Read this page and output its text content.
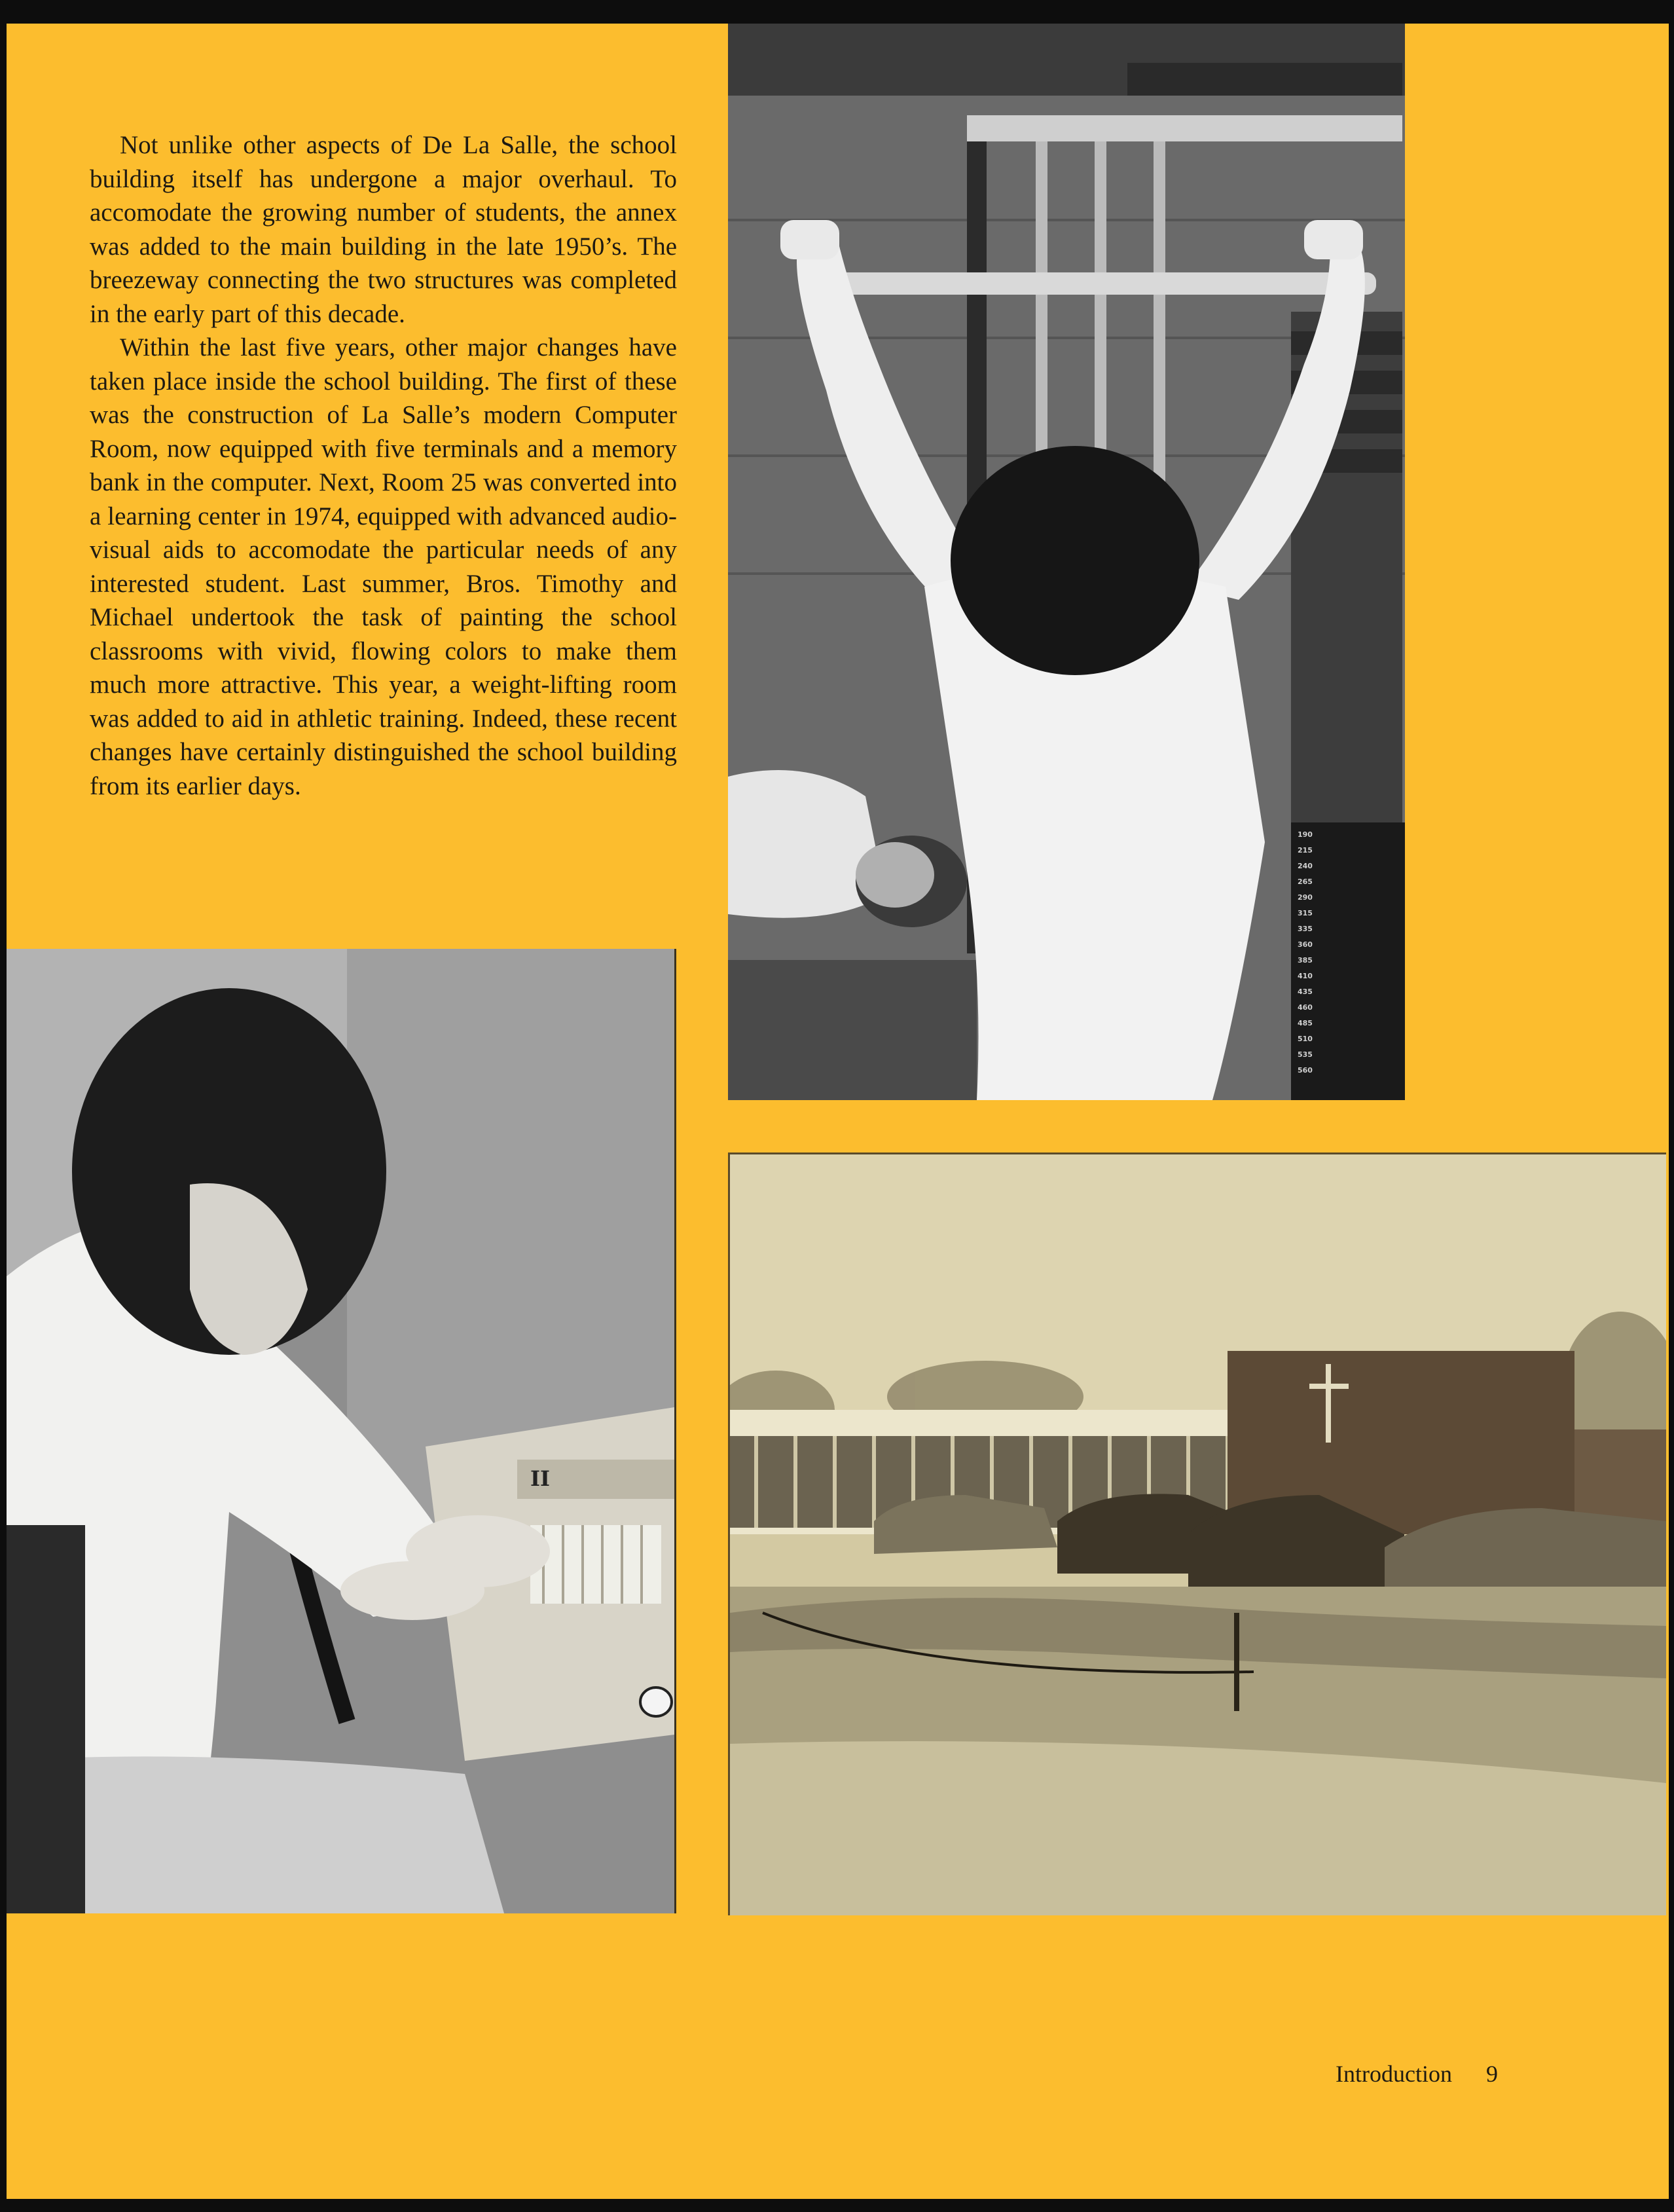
Not unlike other aspects of De La Salle, the school building itself has undergone a major overhaul. To accomodate the growing number of students, the annex was added to the main building in the late 1950’s. The breezeway connecting the two structures was completed in the early part of this decade.

Within the last five years, other major changes have taken place inside the school building. The first of these was the construction of La Salle’s modern Computer Room, now equipped with five terminals and a memory bank in the computer. Next, Room 25 was converted into a learning center in 1974, equipped with advanced audio-visual aids to accomodate the particular needs of any interested student. Last summer, Bros. Timothy and Michael undertook the task of painting the school classrooms with vivid, flowing colors to make them much more attractive. This year, a weight-lifting room was added to aid in athletic training. Indeed, these recent changes have certainly distinguished the school building from its earlier days.

190
215
240
265
290
315
335
360
385
410
435
460
485
510
535
560
II
Introduction 9
